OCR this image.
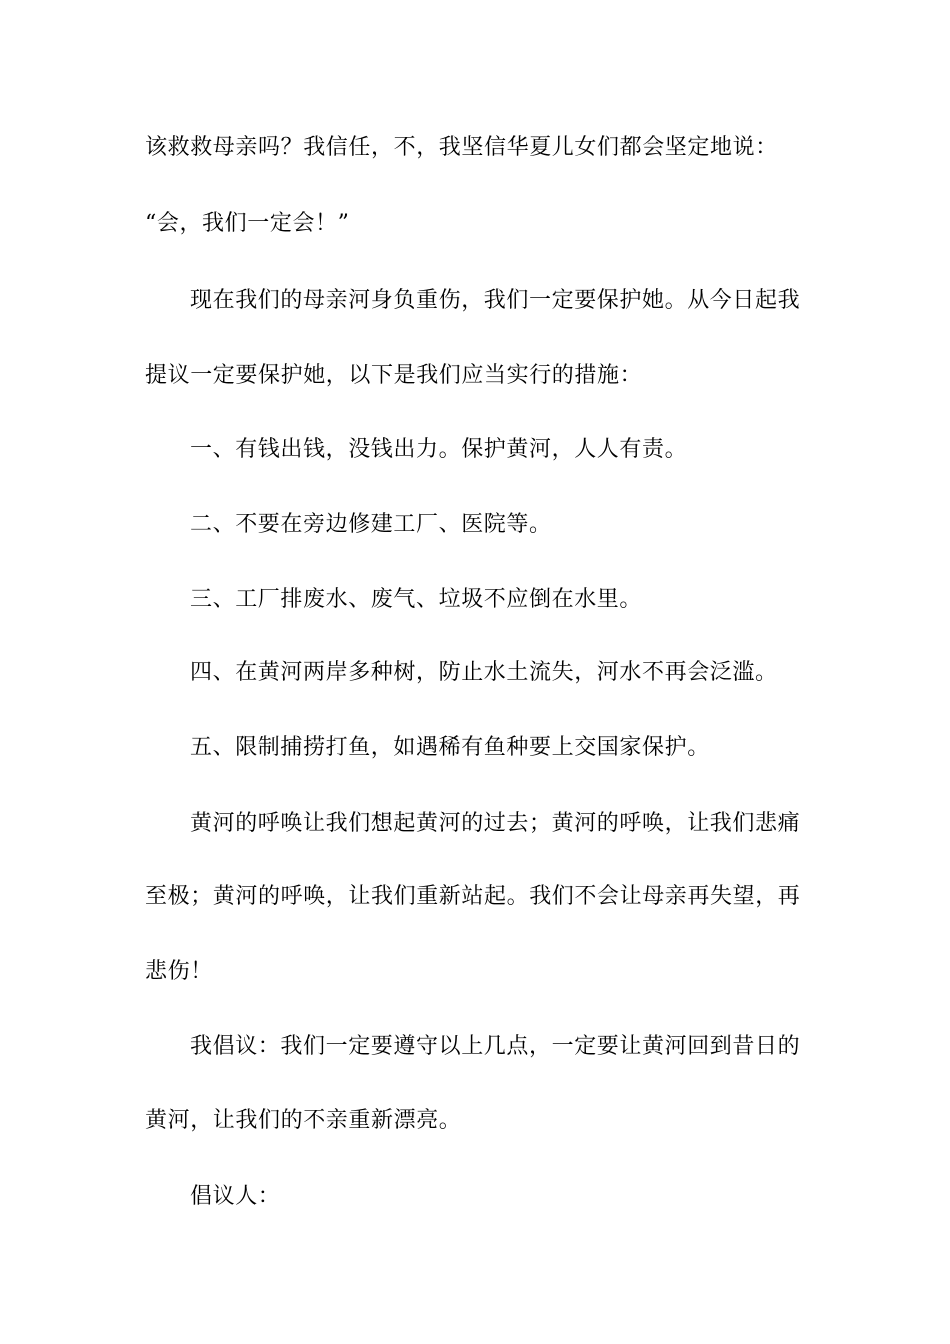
该救救母亲吗？我信任，不，我坚信华夏儿女们都会坚定地说：
“会，我们一定会！”
现在我们的母亲河身负重伤，我们一定要保护她。从今日起我
提议一定要保护她，以下是我们应当实行的措施：
一、有钱出钱，没钱出力。保护黄河，人人有责。
二、不要在旁边修建工厂、医院等。
三、工厂排废水、废气、垃圾不应倒在水里。
四、在黄河两岸多种树，防止水土流失，河水不再会泛滥。
五、限制捕捞打鱼，如遇稀有鱼种要上交国家保护。
黄河的呼唤让我们想起黄河的过去；黄河的呼唤，让我们悲痛
至极；黄河的呼唤，让我们重新站起。我们不会让母亲再失望，再
悲伤！
我倡议：我们一定要遵守以上几点，一定要让黄河回到昔日的
黄河，让我们的不亲重新漂亮。
倡议人：
